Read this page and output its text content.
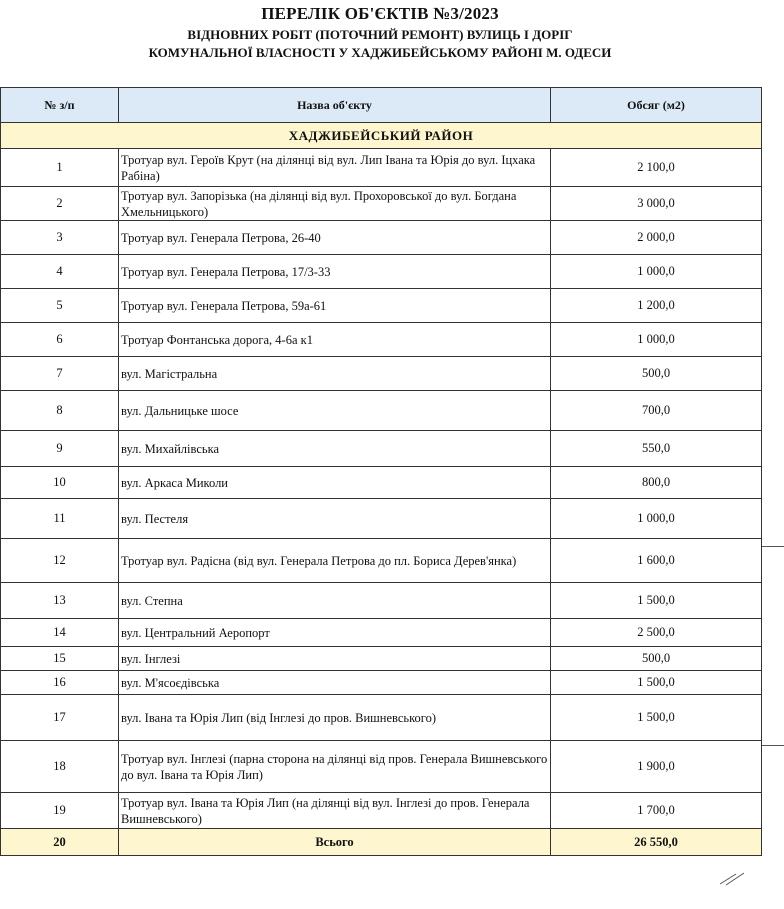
ПЕРЕЛІК ОБ'ЄКТІВ №3/2023
ВІДНОВНИХ РОБІТ (ПОТОЧНИЙ РЕМОНТ) ВУЛИЦЬ І ДОРІГ
КОМУНАЛЬНОЇ ВЛАСНОСТІ У ХАДЖИБЕЙСЬКОМУ РАЙОНІ М. ОДЕСИ
№ з/п	Назва об'єкту	Обсяг (м2)
ХАДЖИБЕЙСЬКИЙ РАЙОН		
1	Тротуар вул. Героїв Крут (на ділянці від вул. Лип Івана та Юрія до вул. Іцхака Рабіна)	2 100,0
2	Тротуар вул. Запорізька (на ділянці від вул. Прохоровської до вул. Богдана Хмельницького)	3 000,0
3	Тротуар вул. Генерала Петрова, 26-40	2 000,0
4	Тротуар вул. Генерала Петрова, 17/3-33	1 000,0
5	Тротуар вул. Генерала Петрова, 59а-61	1 200,0
6	Тротуар Фонтанська дорога, 4-6а к1	1 000,0
7	вул. Магістральна	500,0
8	вул. Дальницьке шосе	700,0
9	вул. Михайлівська	550,0
10	вул. Аркаса Миколи	800,0
11	вул. Пестеля	1 000,0
12	Тротуар вул. Радісна (від вул. Генерала Петрова до пл. Бориса Дерев'янка)	1 600,0
13	вул. Степна	1 500,0
14	вул. Центральний Аеропорт	2 500,0
15	вул. Інглезі	500,0
16	вул. М'ясоєдівська	1 500,0
17	вул. Івана та Юрія Лип (від Інглезі до пров. Вишневського)	1 500,0
18	Тротуар вул. Інглезі (парна сторона на ділянці від пров. Генерала Вишневського до вул. Івана та Юрія Лип)	1 900,0
19	Тротуар вул. Івана та Юрія Лип (на ділянці від вул. Інглезі до пров. Генерала Вишневського)	1 700,0
20	Всього	26 550,0
